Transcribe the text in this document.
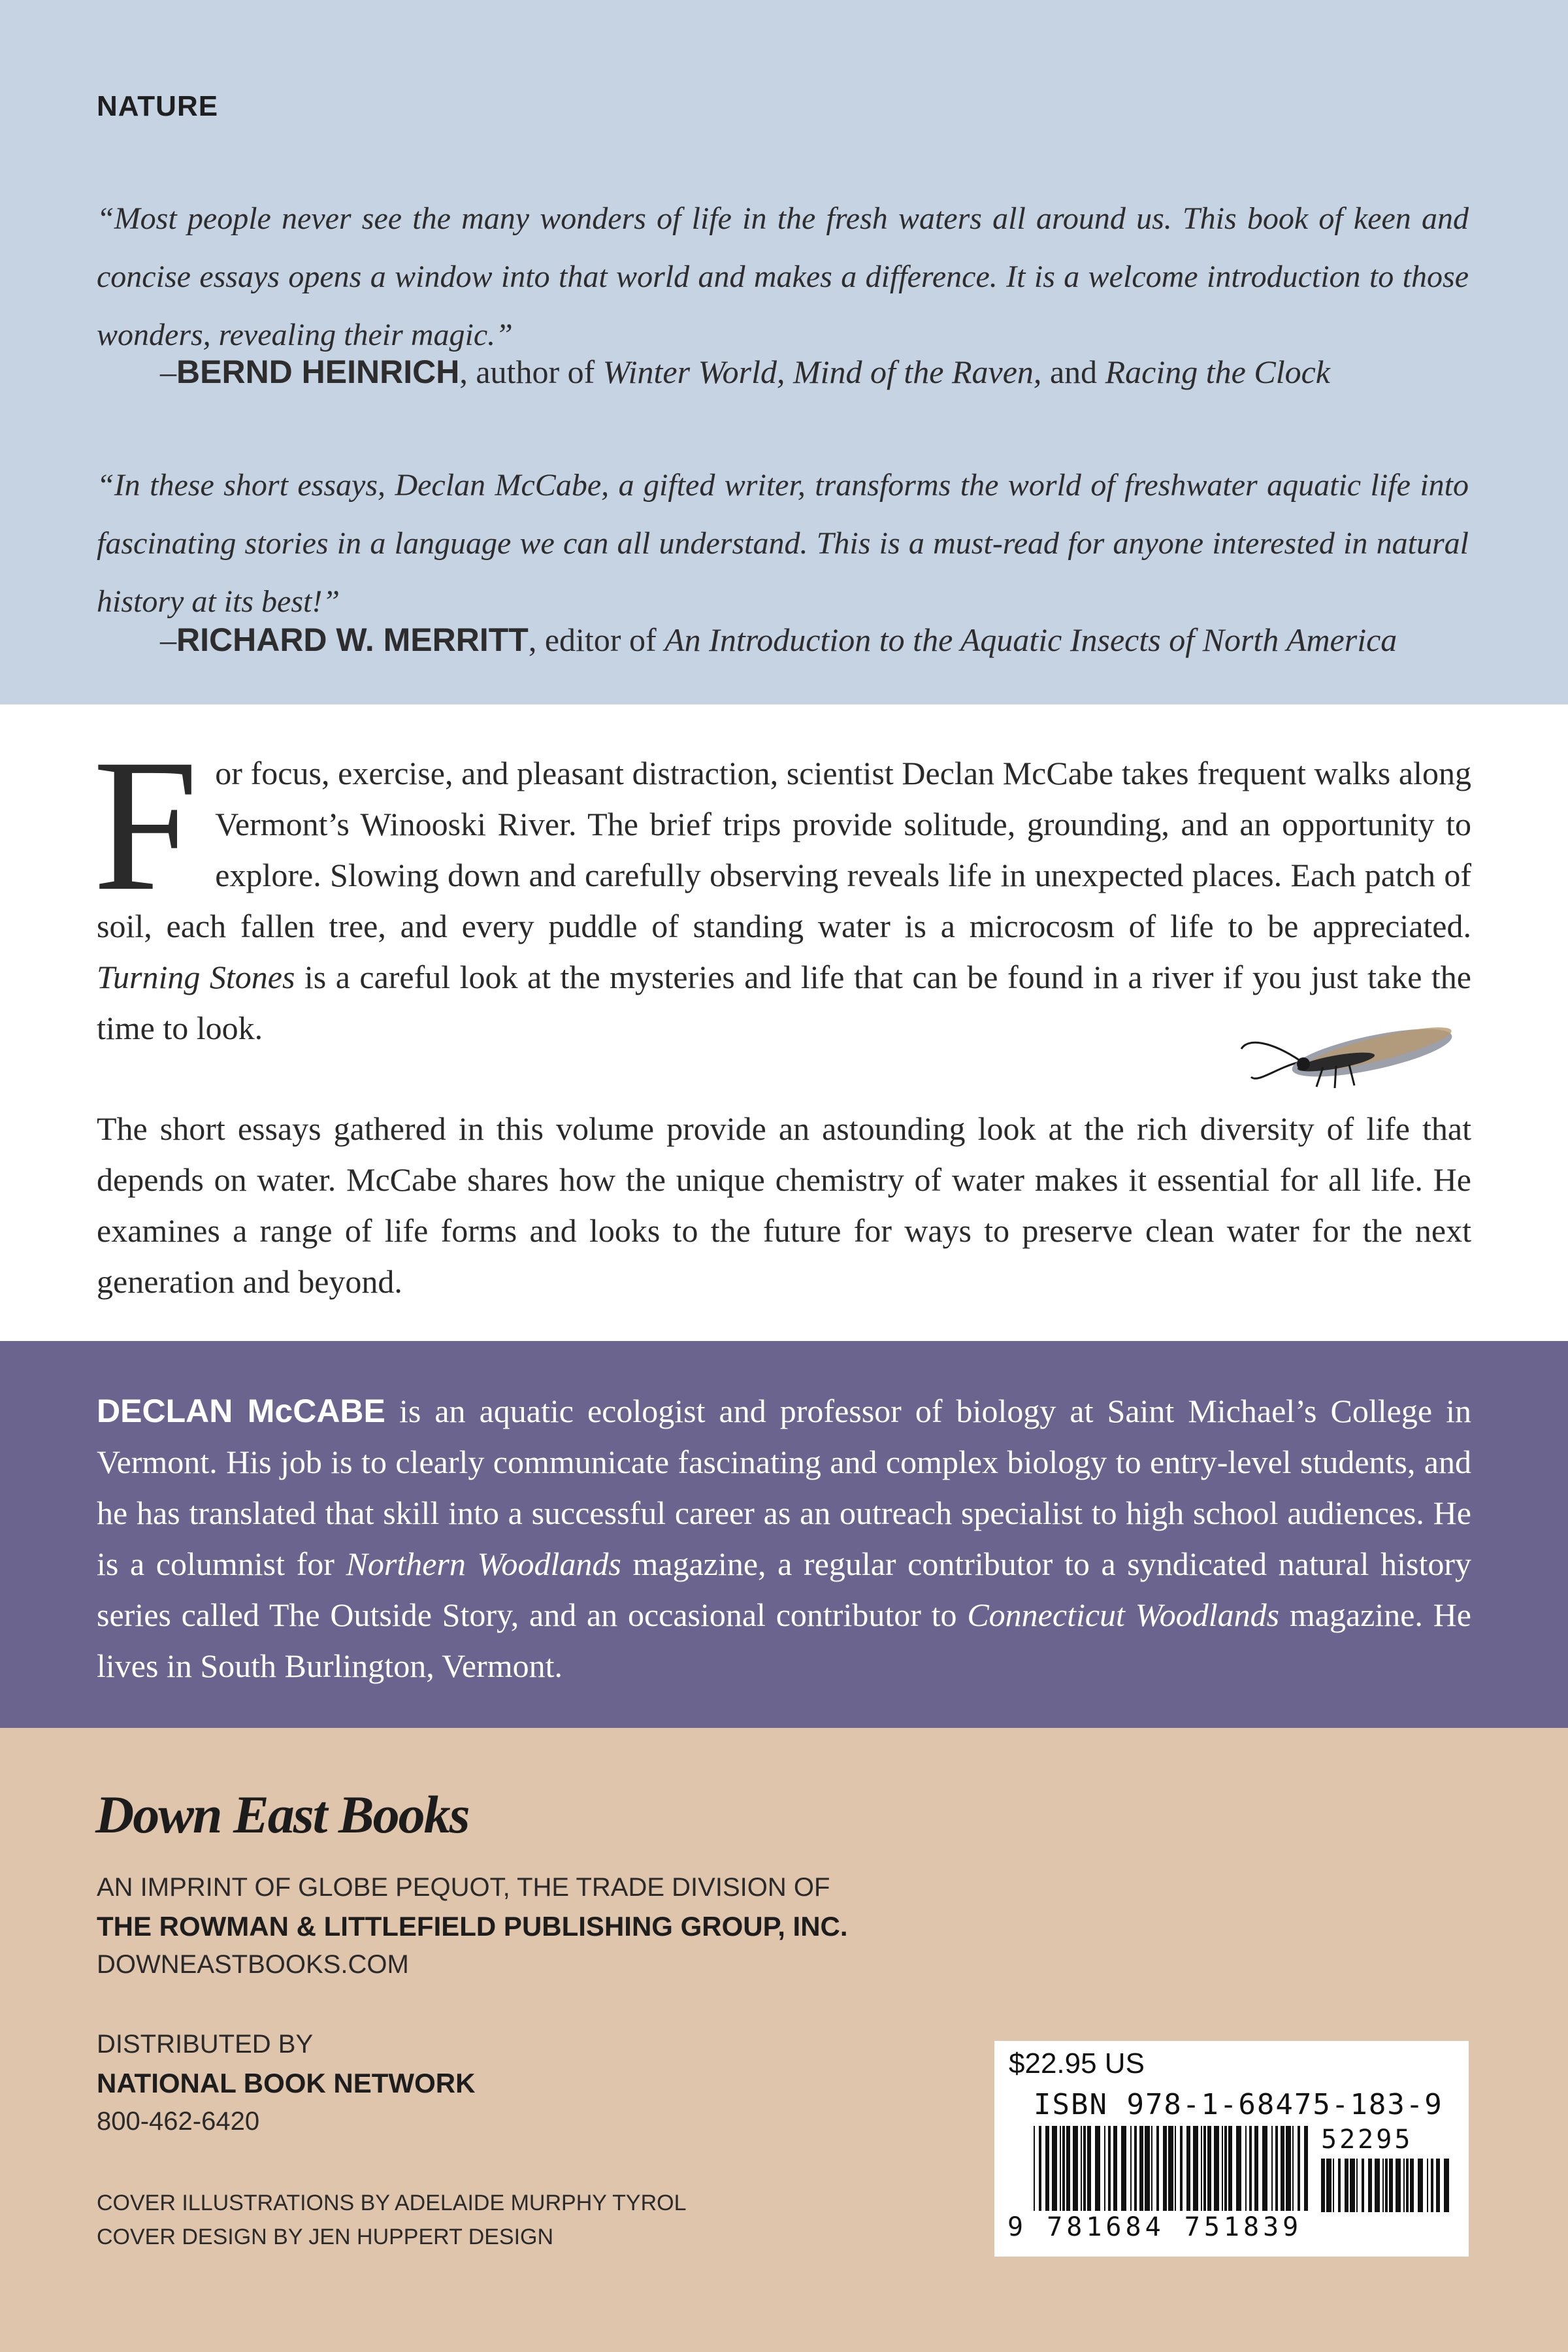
NATURE
“Most people never see the many wonders of life in the fresh waters all around us. This book of keen and concise essays opens a window into that world and makes a difference. It is a welcome introduction to those wonders, revealing their magic.”
–BERND HEINRICH, author of Winter World, Mind of the Raven, and Racing the Clock
“In these short essays, Declan McCabe, a gifted writer, transforms the world of freshwater aquatic life into fascinating stories in a language we can all understand. This is a must-read for anyone interested in natural history at its best!”
–RICHARD W. MERRITT, editor of An Introduction to the Aquatic Insects of North America
For focus, exercise, and pleasant distraction, scientist Declan McCabe takes frequent walks along Vermont’s Winooski River. The brief trips provide solitude, grounding, and an opportunity to explore. Slowing down and carefully observing reveals life in unexpected places. Each patch of soil, each fallen tree, and every puddle of standing water is a microcosm of life to be appreciated. Turning Stones is a careful look at the mysteries and life that can be found in a river if you just take the time to look.
The short essays gathered in this volume provide an astounding look at the rich diversity of life that depends on water. McCabe shares how the unique chemistry of water makes it essential for all life. He examines a range of life forms and looks to the future for ways to preserve clean water for the next generation and beyond.
DECLAN McCABE is an aquatic ecologist and professor of biology at Saint Michael’s College in Vermont. His job is to clearly communicate fascinating and complex biology to entry-level students, and he has translated that skill into a successful career as an outreach specialist to high school audiences. He is a columnist for Northern Woodlands magazine, a regular contributor to a syndicated natural history series called The Outside Story, and an occasional contributor to Connecticut Woodlands magazine. He lives in South Burlington, Vermont.
Down East Books
AN IMPRINT OF GLOBE PEQUOT, THE TRADE DIVISION OF
THE ROWMAN & LITTLEFIELD PUBLISHING GROUP, INC.
DOWNEASTBOOKS.COM
DISTRIBUTED BY
NATIONAL BOOK NETWORK
800-462-6420
COVER ILLUSTRATIONS BY ADELAIDE MURPHY TYROL
COVER DESIGN BY JEN HUPPERT DESIGN
$22.95 US
ISBN 978-1-68475-183-9
52295
9 781684 751839
